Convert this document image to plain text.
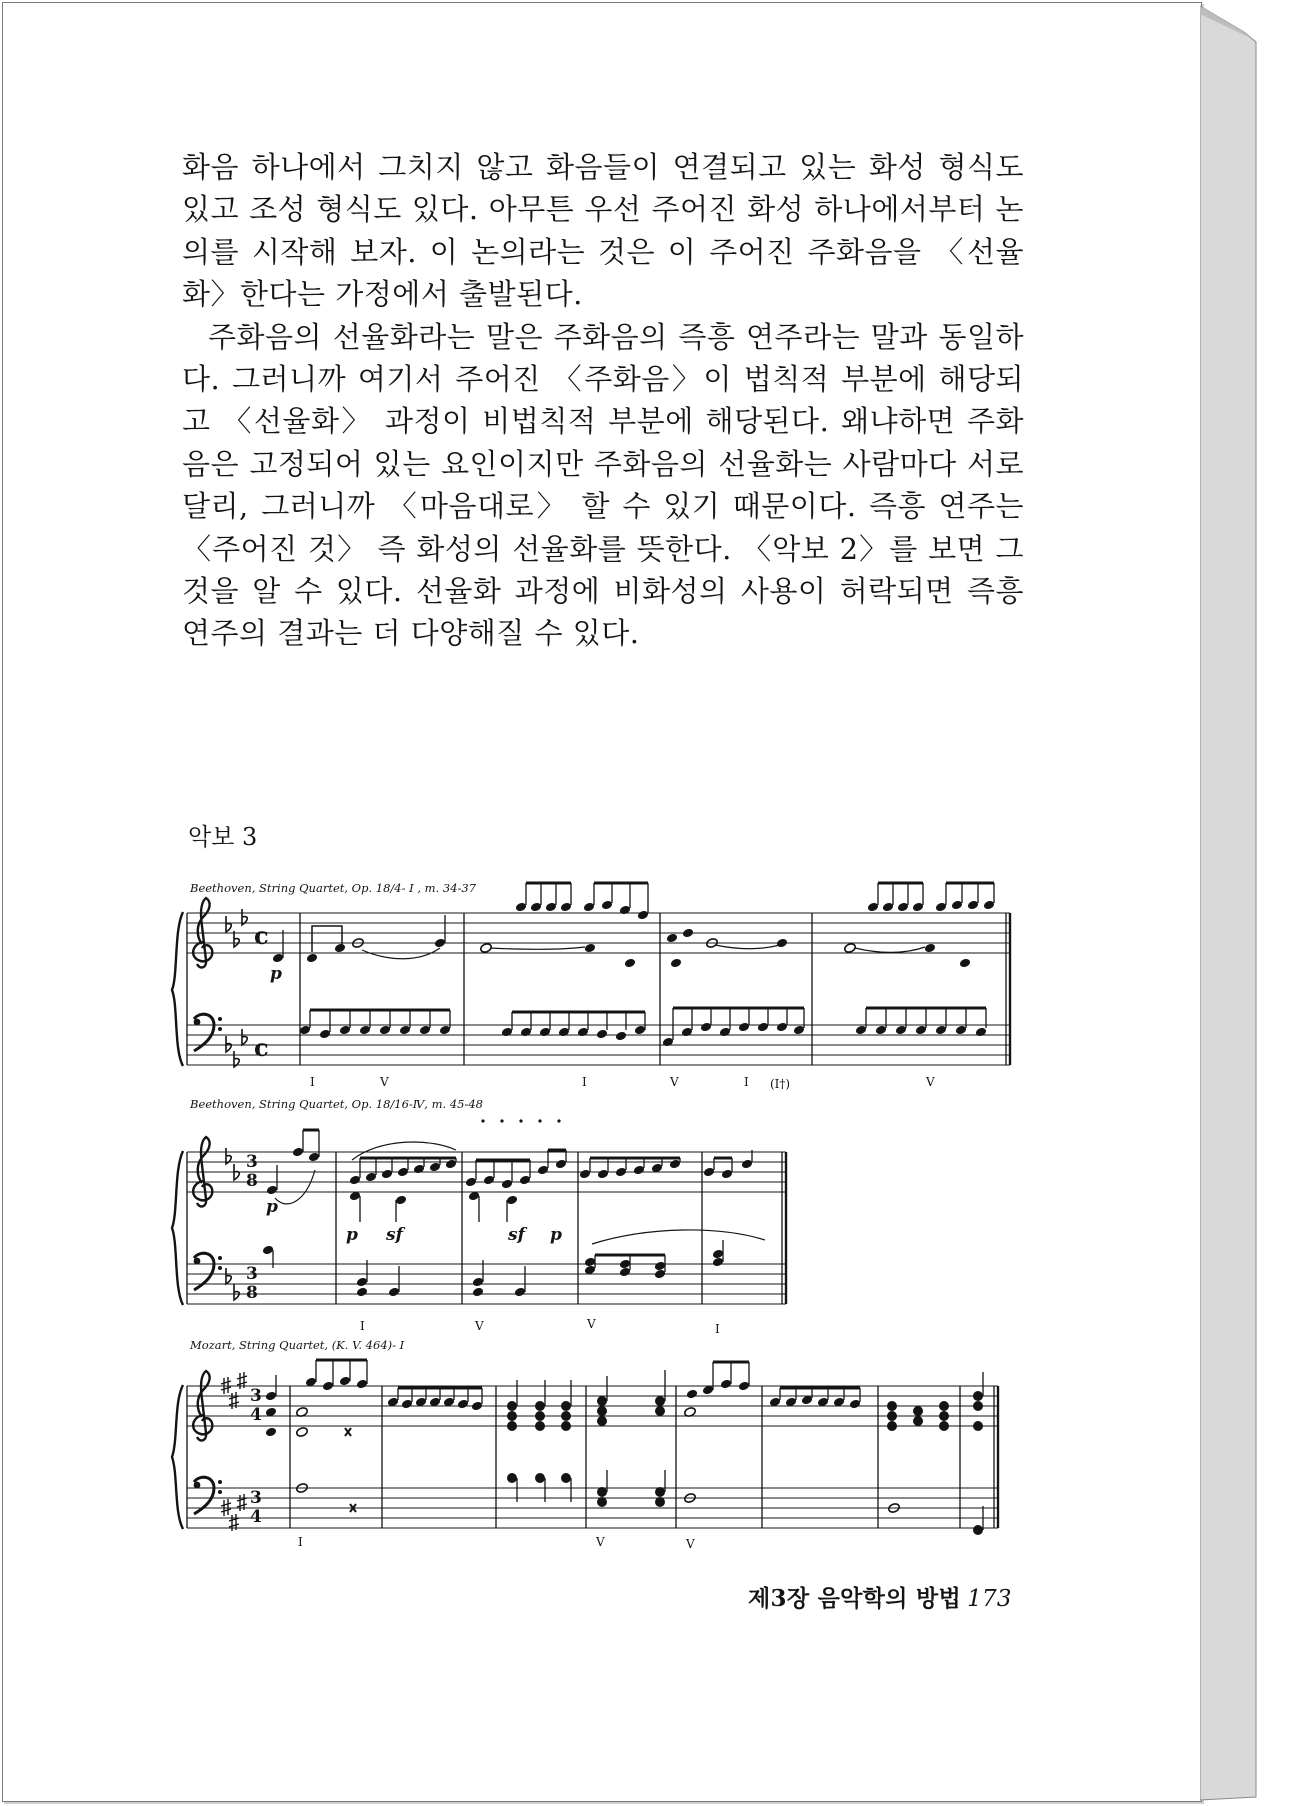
화음 하나에서 그치지 않고 화음들이 연결되고 있는 화성 형식도 있고 조성 형식도 있다. 아무튼 우선 주어진 화성 하나에서부터 논의를 시작해 보자. 이 논의라는 것은 이 주어진 주화음을 〈선율화〉한다는 가정에서 출발된다.

주화음의 선율화라는 말은 주화음의 즉흥 연주라는 말과 동일하다. 그러니까 여기서 주어진 〈주화음〉이 법칙적 부분에 해당되고 〈선율화〉 과정이 비법칙적 부분에 해당된다. 왜냐하면 주화음은 고정되어 있는 요인이지만 주화음의 선율화는 사람마다 서로 달리, 그러니까 〈마음대로〉 할 수 있기 때문이다. 즉흥 연주는 〈주어진 것〉 즉 화성의 선율화를 뜻한다. 〈악보 2〉를 보면 그것을 알 수 있다. 선율화 과정에 비화성의 사용이 허락되면 즉흥 연주의 결과는 더 다양해질 수 있다.

악보 3
Beethoven, String Quartet, Op. 18/4- I , m. 34-37
c
c
p
I	V	I	V	I (I†)	V
Beethoven, String Quartet, Op. 18/16-Ⅳ, m. 45-48
3
8
3
8
p
p sf	sf p
I	V	V	I
Mozart, String Quartet, (K. V. 464)- I
3
4
3
4
I	V	V
제3장 음악학의 방법 173
